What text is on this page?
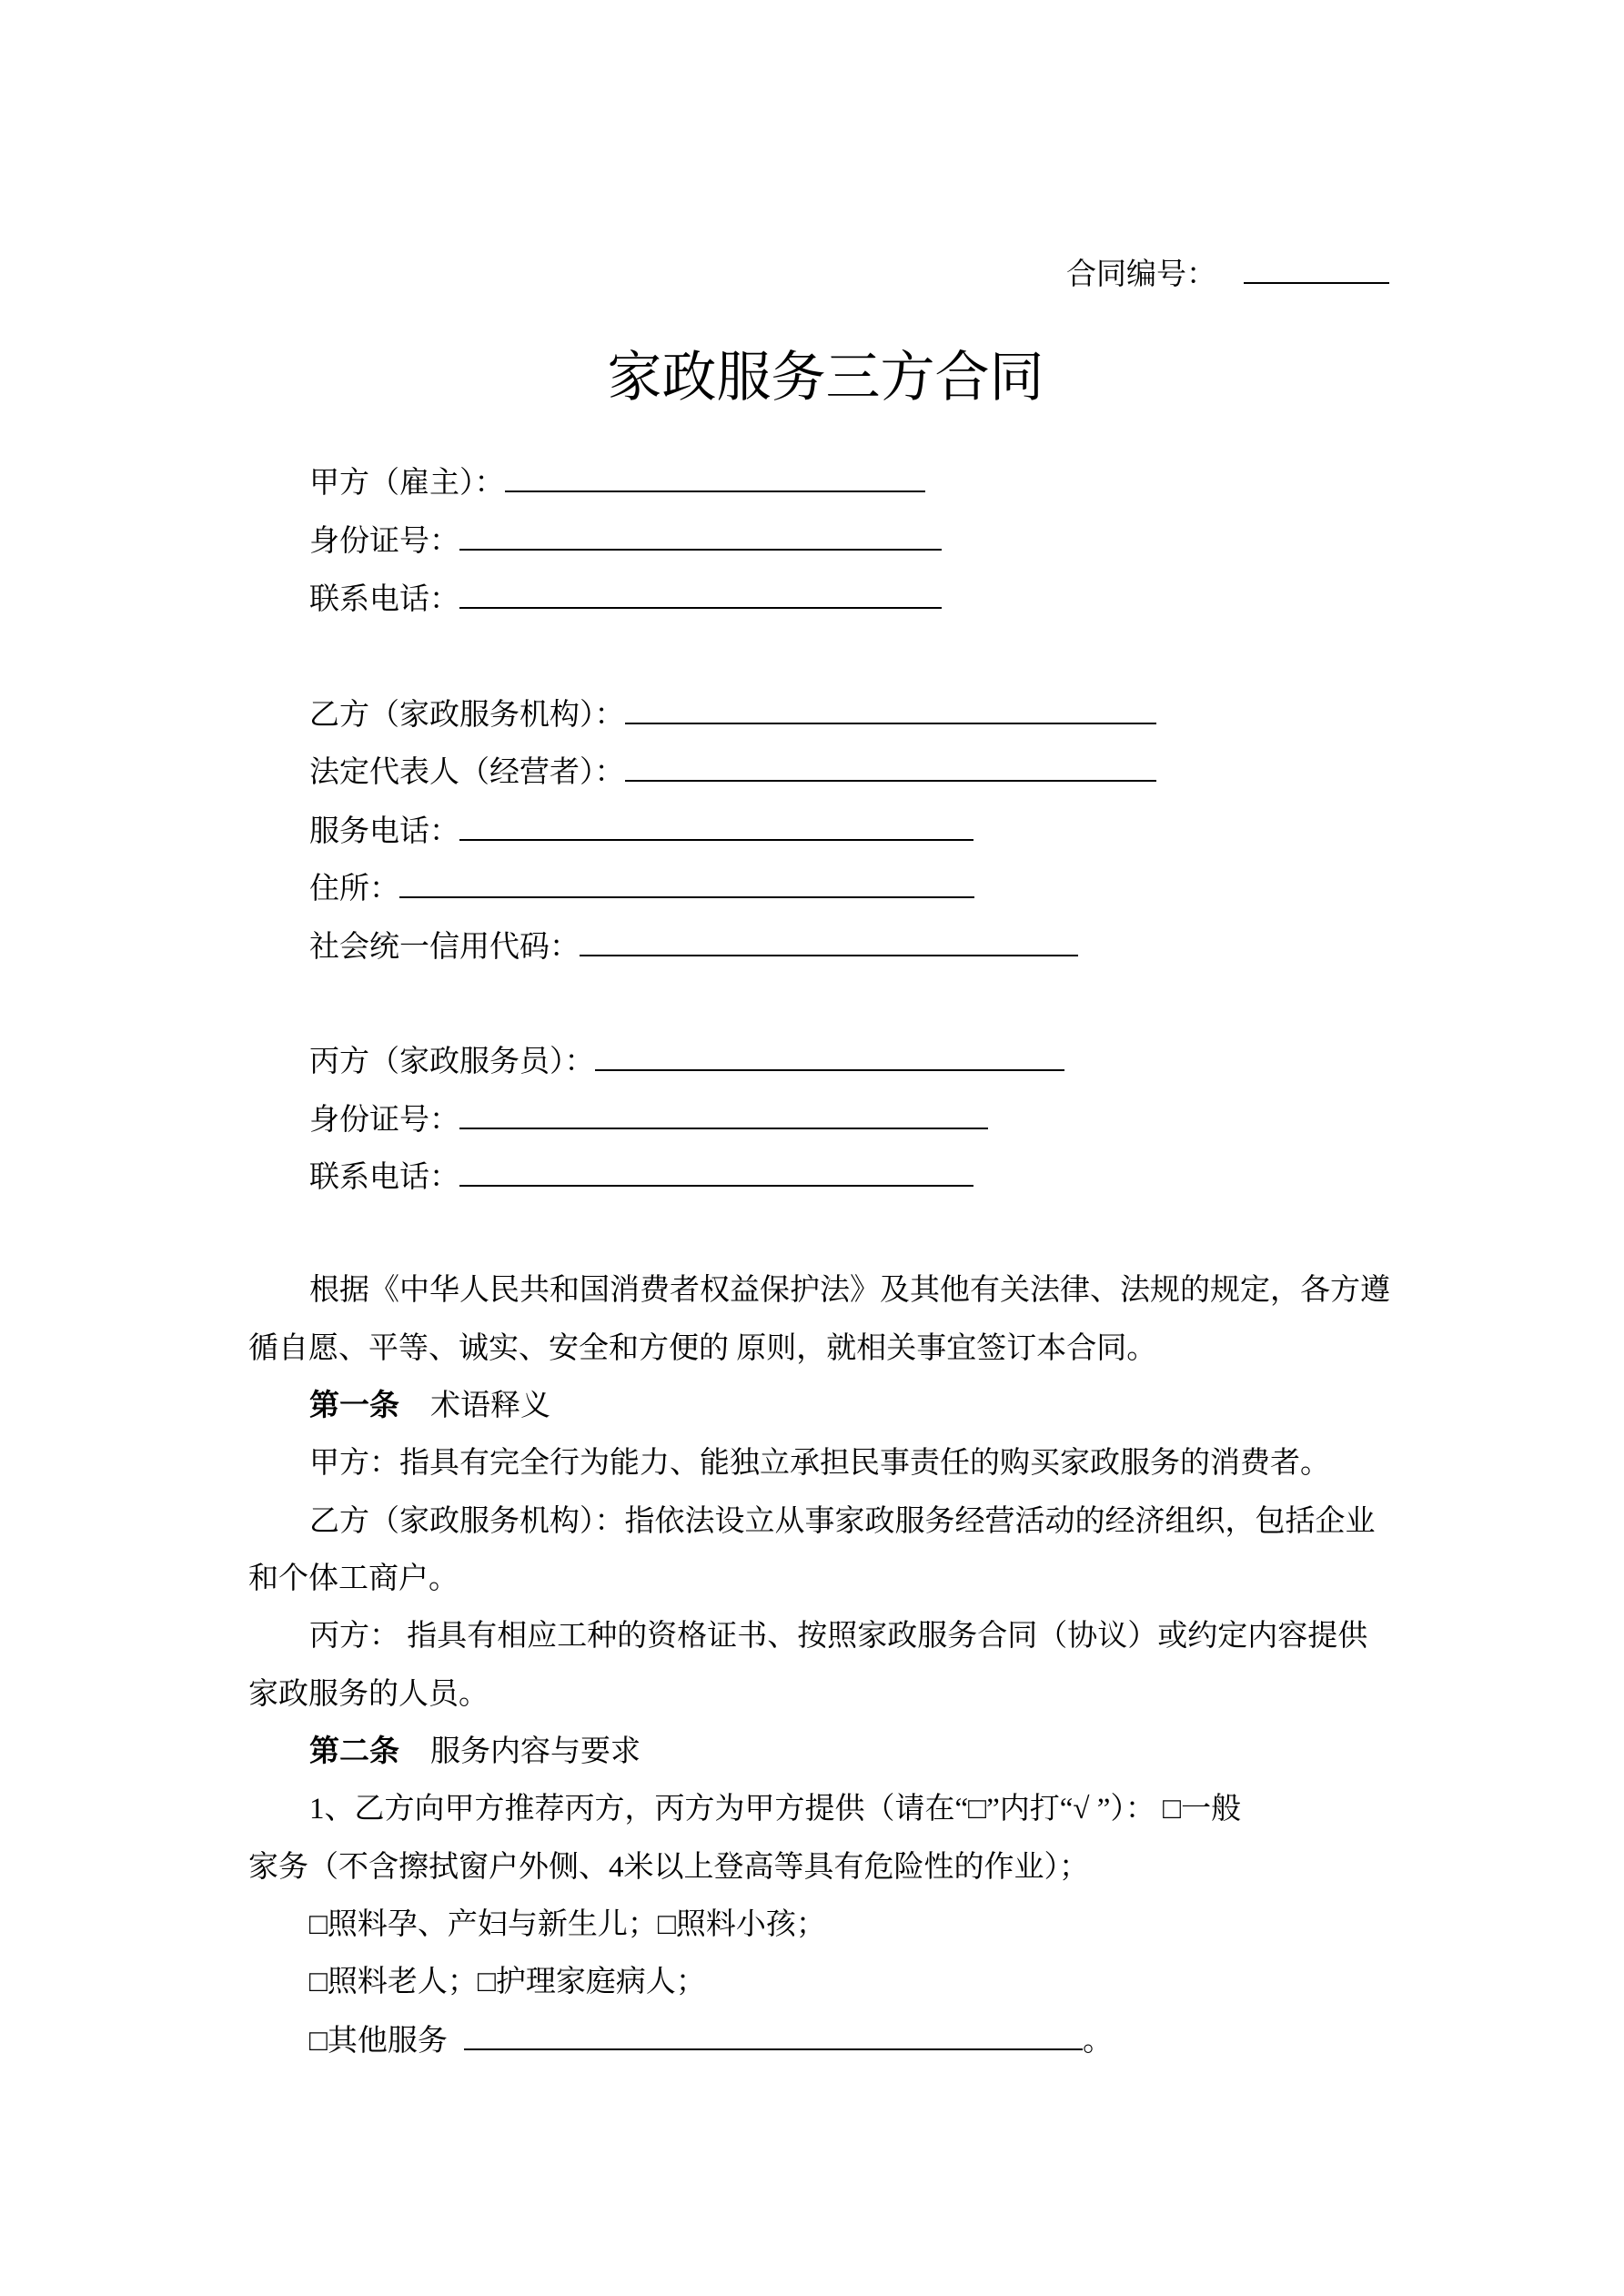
合同编号：
家政服务三方合同
甲方（雇主）：
身份证号：
联系电话：
乙方（家政服务机构）：
法定代表人（经营者）：
服务电话：
住所：
社会统一信用代码：
丙方（家政服务员）：
身份证号：
联系电话：
根据《中华人民共和国消费者权益保护法》及其他有关法律、法规的规定，各方遵
循自愿、平等、诚实、安全和方便的 原则，就相关事宜签订本合同。
第一条 术语释义
甲方：指具有完全行为能力、能独立承担民事责任的购买家政服务的消费者。
乙方（家政服务机构）：指依法设立从事家政服务经营活动的经济组织，包括企业
和个体工商户。
丙方： 指具有相应工种的资格证书、按照家政服务合同（协议）或约定内容提供
家政服务的人员。
第二条 服务内容与要求
1、乙方向甲方推荐丙方，丙方为甲方提供（请在“□”内打“√ ”）： □一般
家务（不含擦拭窗户外侧、4米以上登高等具有危险性的作业）；
□照料孕、产妇与新生儿；□照料小孩；
□照料老人；□护理家庭病人；
□其他服务	。
